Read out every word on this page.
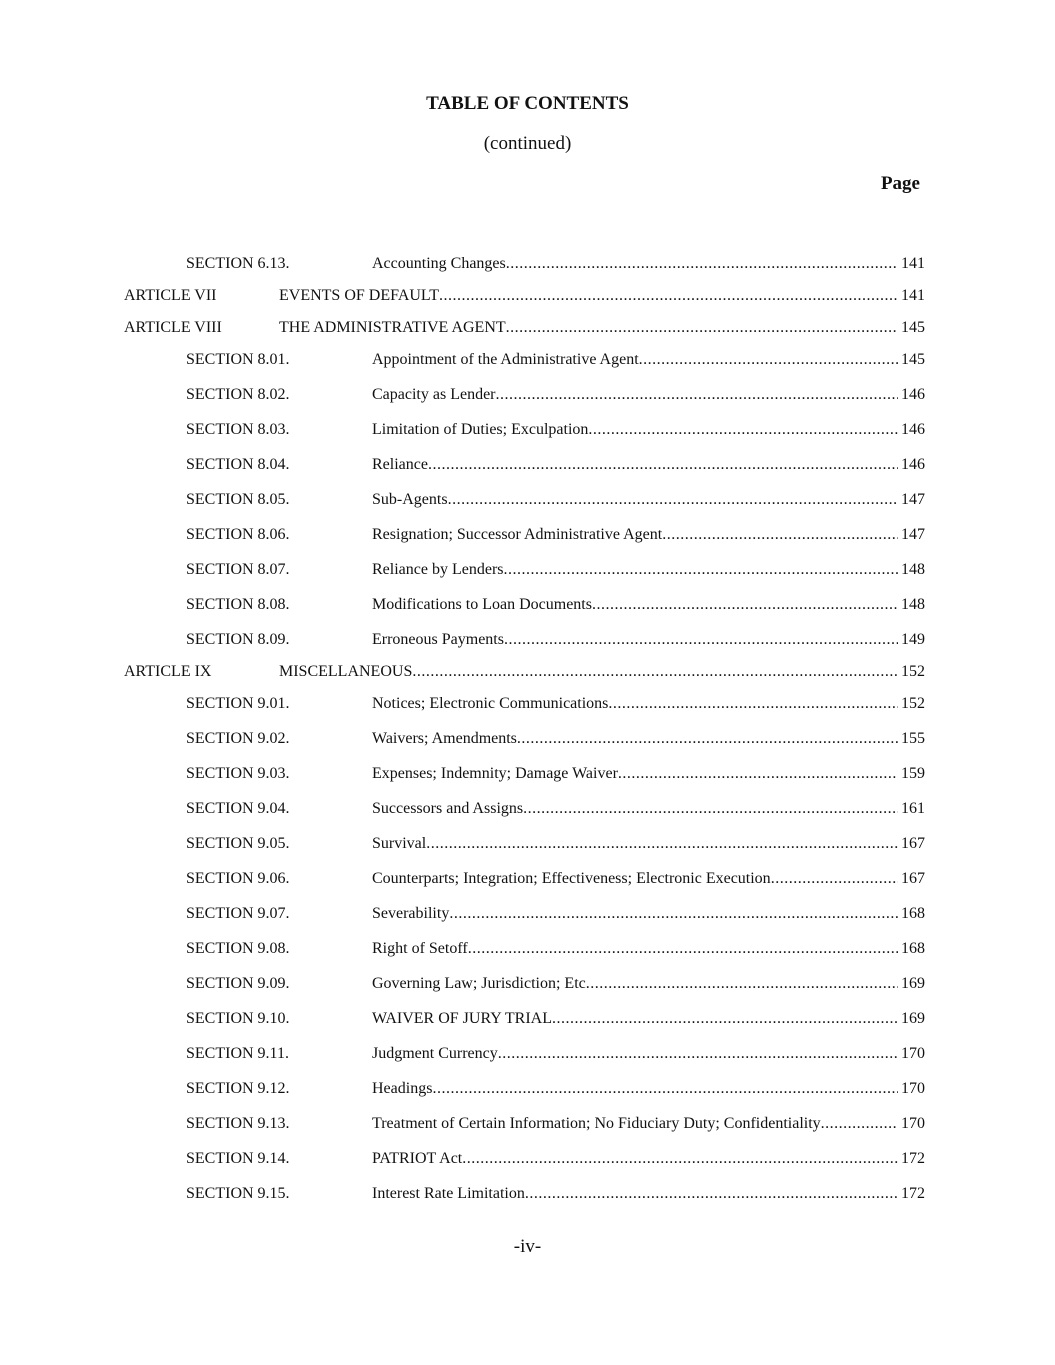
TABLE OF CONTENTS
(continued)
Page
SECTION 6.13.	Accounting Changes .....	141
ARTICLE VII	EVENTS OF DEFAULT .....	141
ARTICLE VIII	THE ADMINISTRATIVE AGENT .....	145
SECTION 8.01.	Appointment of the Administrative Agent .....	145
SECTION 8.02.	Capacity as Lender .....	146
SECTION 8.03.	Limitation of Duties; Exculpation .....	146
SECTION 8.04.	Reliance .....	146
SECTION 8.05.	Sub-Agents .....	147
SECTION 8.06.	Resignation; Successor Administrative Agent .....	147
SECTION 8.07.	Reliance by Lenders .....	148
SECTION 8.08.	Modifications to Loan Documents .....	148
SECTION 8.09.	Erroneous Payments .....	149
ARTICLE IX	MISCELLANEOUS .....	152
SECTION 9.01.	Notices; Electronic Communications .....	152
SECTION 9.02.	Waivers; Amendments .....	155
SECTION 9.03.	Expenses; Indemnity; Damage Waiver .....	159
SECTION 9.04.	Successors and Assigns .....	161
SECTION 9.05.	Survival .....	167
SECTION 9.06.	Counterparts; Integration; Effectiveness; Electronic Execution .....	167
SECTION 9.07.	Severability .....	168
SECTION 9.08.	Right of Setoff .....	168
SECTION 9.09.	Governing Law; Jurisdiction; Etc .....	169
SECTION 9.10.	WAIVER OF JURY TRIAL .....	169
SECTION 9.11.	Judgment Currency .....	170
SECTION 9.12.	Headings .....	170
SECTION 9.13.	Treatment of Certain Information; No Fiduciary Duty; Confidentiality .....	170
SECTION 9.14.	PATRIOT Act .....	172
SECTION 9.15.	Interest Rate Limitation .....	172
-iv-
